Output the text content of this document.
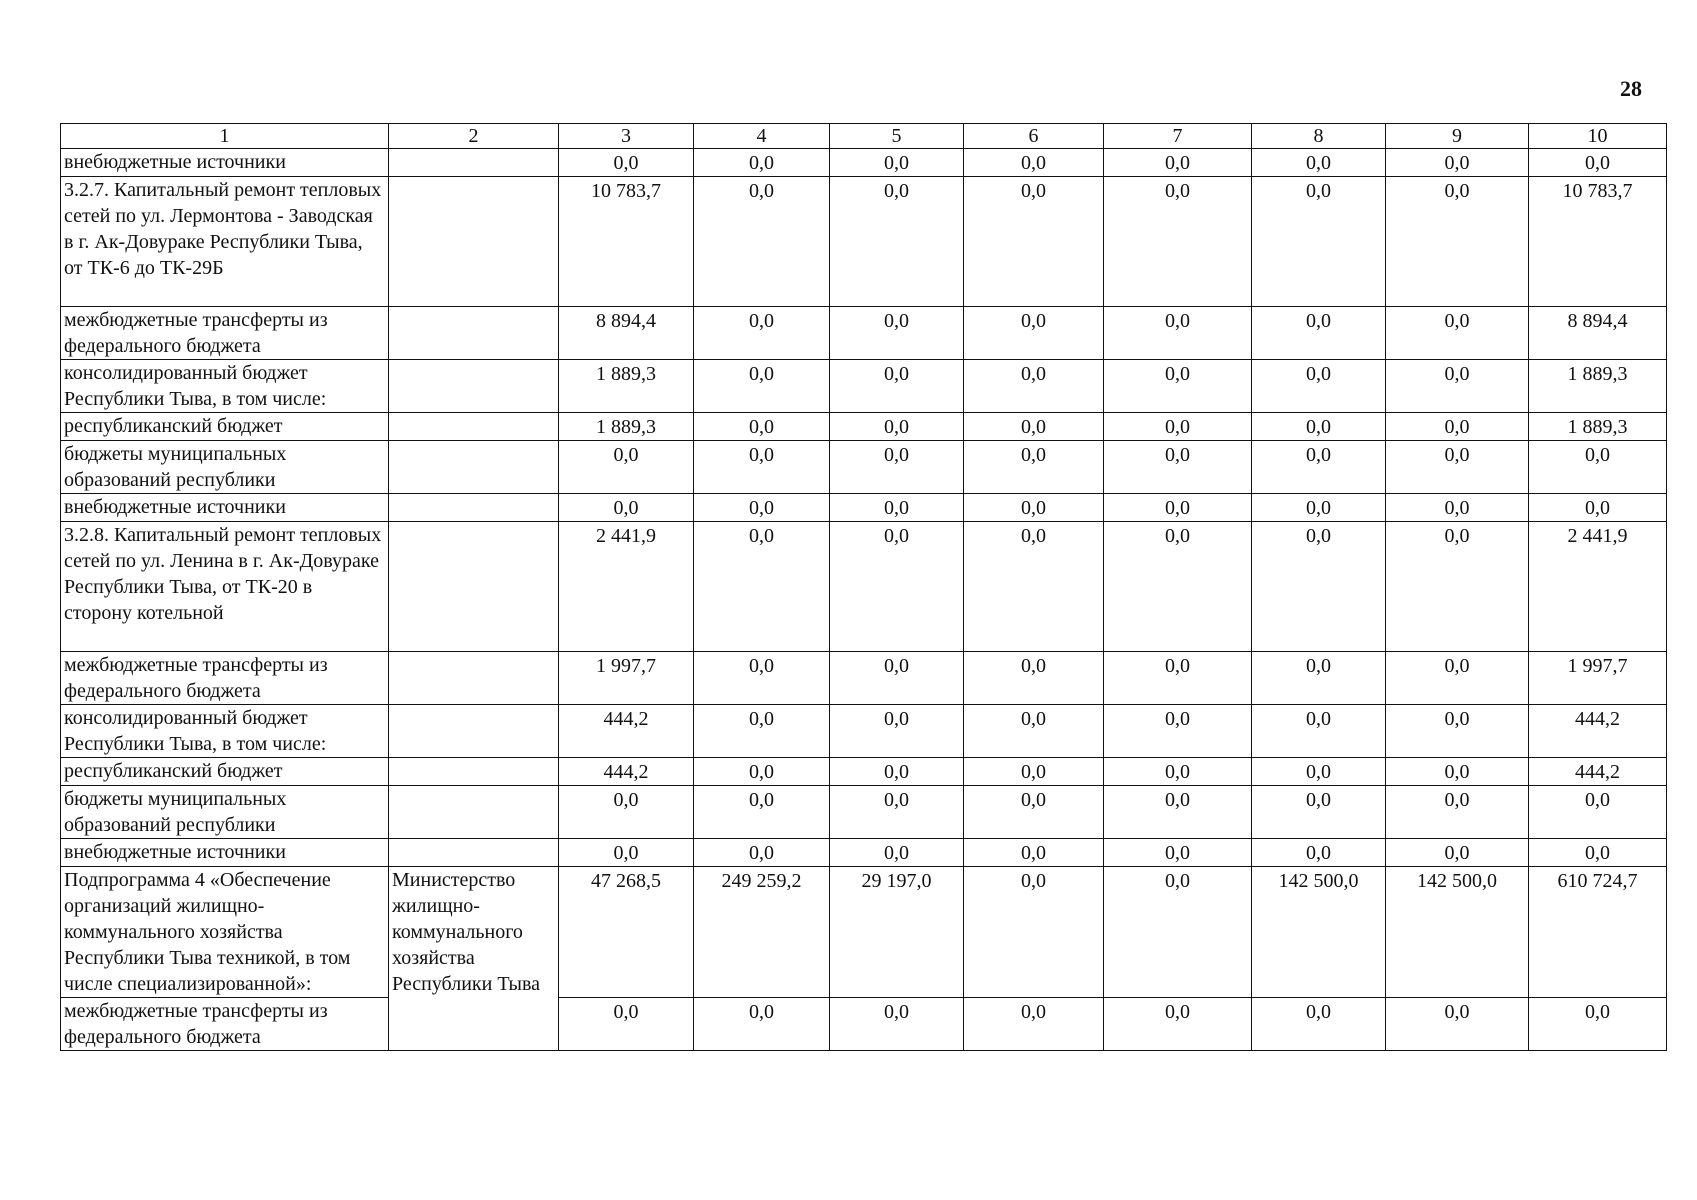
28
1	2	3	4	5	6	7	8	9	10
внебюджетные источники		0,0	0,0	0,0	0,0	0,0	0,0	0,0	0,0
3.2.7. Капитальный ремонт тепловых сетей по ул. Лермонтова - Заводская в г. Ак-Довураке Республики Тыва, от ТК-6 до ТК-29Б		10 783,7	0,0	0,0	0,0	0,0	0,0	0,0	10 783,7
межбюджетные трансферты из федерального бюджета		8 894,4	0,0	0,0	0,0	0,0	0,0	0,0	8 894,4
консолидированный бюджет Республики Тыва, в том числе:		1 889,3	0,0	0,0	0,0	0,0	0,0	0,0	1 889,3
республиканский бюджет		1 889,3	0,0	0,0	0,0	0,0	0,0	0,0	1 889,3
бюджеты муниципальных образований республики		0,0	0,0	0,0	0,0	0,0	0,0	0,0	0,0
внебюджетные источники		0,0	0,0	0,0	0,0	0,0	0,0	0,0	0,0
3.2.8. Капитальный ремонт тепловых сетей по ул. Ленина в г. Ак-Довураке Республики Тыва, от ТК-20 в сторону котельной		2 441,9	0,0	0,0	0,0	0,0	0,0	0,0	2 441,9
межбюджетные трансферты из федерального бюджета		1 997,7	0,0	0,0	0,0	0,0	0,0	0,0	1 997,7
консолидированный бюджет Республики Тыва, в том числе:		444,2	0,0	0,0	0,0	0,0	0,0	0,0	444,2
республиканский бюджет		444,2	0,0	0,0	0,0	0,0	0,0	0,0	444,2
бюджеты муниципальных образований республики		0,0	0,0	0,0	0,0	0,0	0,0	0,0	0,0
внебюджетные источники		0,0	0,0	0,0	0,0	0,0	0,0	0,0	0,0
Подпрограмма 4 «Обеспечение организаций жилищно-коммунального хозяйства Республики Тыва техникой, в том числе специализированной»:	Министерство жилищно-коммунального хозяйства Республики Тыва	47 268,5	249 259,2	29 197,0	0,0	0,0	142 500,0	142 500,0	610 724,7
межбюджетные трансферты из федерального бюджета		0,0	0,0	0,0	0,0	0,0	0,0	0,0	0,0
